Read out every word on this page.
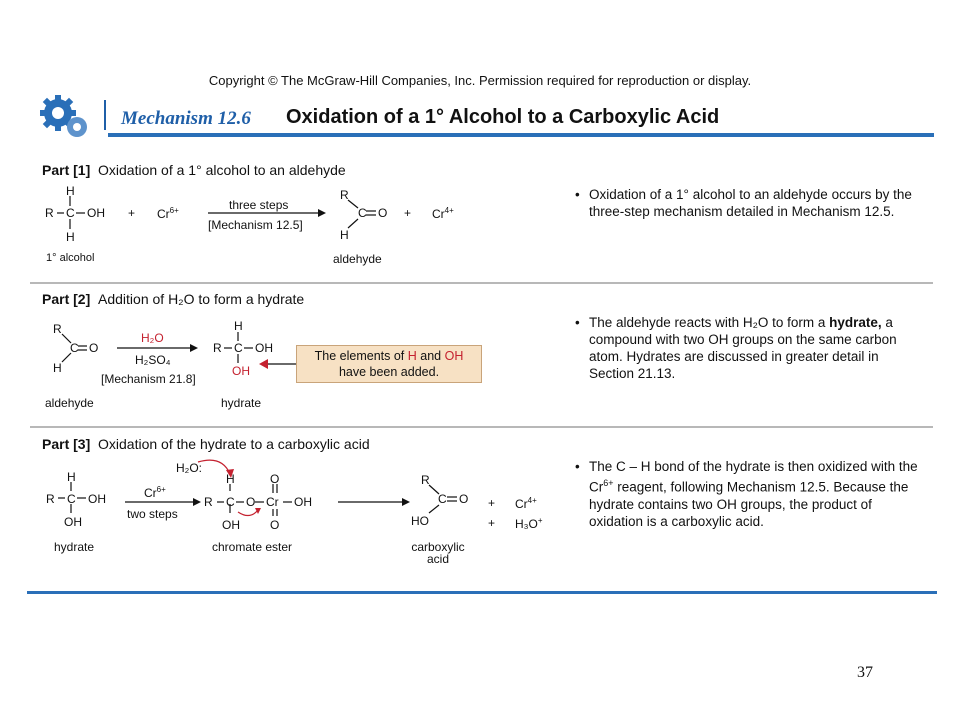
Copyright © The McGraw-Hill Companies, Inc. Permission required for reproduction or display.
Mechanism 12.6 Oxidation of a 1° Alcohol to a Carboxylic Acid
Part [1] Oxidation of a 1° alcohol to an aldehyde
H
R C OH
H
1° alcohol
+ $Cr^{6+}$	three steps
[Mechanism 12.5]
R
C O
H
aldehyde
+ $Cr^{4+}$
• Oxidation of a 1° alcohol to an aldehyde occurs by the three-step mechanism detailed in Mechanism 12.5.
Part [2] Addition of H₂O to form a hydrate
R
C O
H
aldehyde
H₂O
H₂SO₄
[Mechanism 21.8]
H
R C OH
OH
hydrate
The elements of H and OH
have been added.
• The aldehyde reacts with H₂O to form a hydrate, a compound with two OH groups on the same carbon atom. Hydrates are discussed in greater detail in Section 21.13.
Part [3] Oxidation of the hydrate to a carboxylic acid
H
R C OH
OH
hydrate
$Cr^{6+}$
two steps
H₂O:
H
R C O Cr OH
O
O
OH
chromate ester
R
C O
HO
carboxylic
acid
+
+
$Cr^{4+}$
H₃O+
• The C – H bond of the hydrate is then oxidized with the $Cr^{6+}$ reagent, following Mechanism 12.5. Because the hydrate contains two OH groups, the product of oxidation is a carboxylic acid.
37
